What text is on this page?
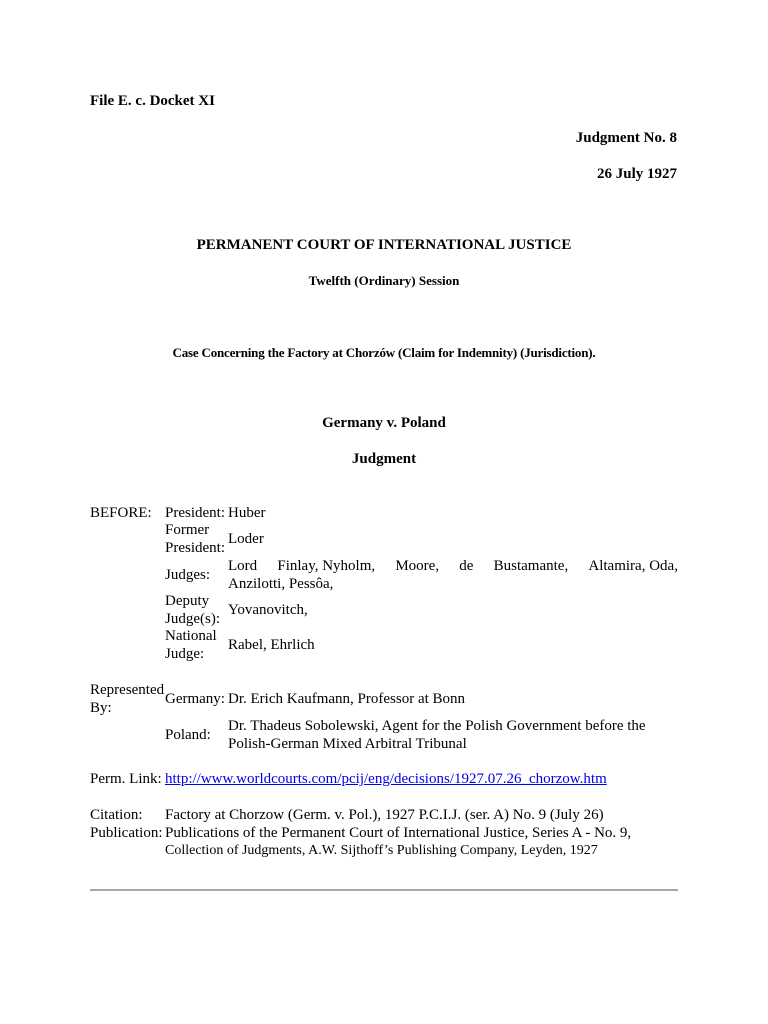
File E. c. Docket XI
Judgment No. 8
26 July 1927
PERMANENT COURT OF INTERNATIONAL JUSTICE
Twelfth (Ordinary) Session
Case Concerning the Factory at Chorzów (Claim for Indemnity) (Jurisdiction).
Germany v. Poland
Judgment
BEFORE: President: Huber
Former
President:
Loder
Judges:
Lord Finlay, Nyholm, Moore, de Bustamante, Altamira, Oda,
Anzilotti, Pessôa,
Deputy
Judge(s):
Yovanovitch,
National
Judge:
Rabel, Ehrlich
Represented
By:
Germany: Dr. Erich Kaufmann, Professor at Bonn
Poland:
Dr. Thadeus Sobolewski, Agent for the Polish Government before the
Polish-German Mixed Arbitral Tribunal
Perm. Link: http://www.worldcourts.com/pcij/eng/decisions/1927.07.26_chorzow.htm
Citation: Factory at Chorzow (Germ. v. Pol.), 1927 P.C.I.J. (ser. A) No. 9 (July 26)
Publication: Publications of the Permanent Court of International Justice, Series A - No. 9,
Collection of Judgments, A.W. Sijthoff’s Publishing Company, Leyden, 1927
